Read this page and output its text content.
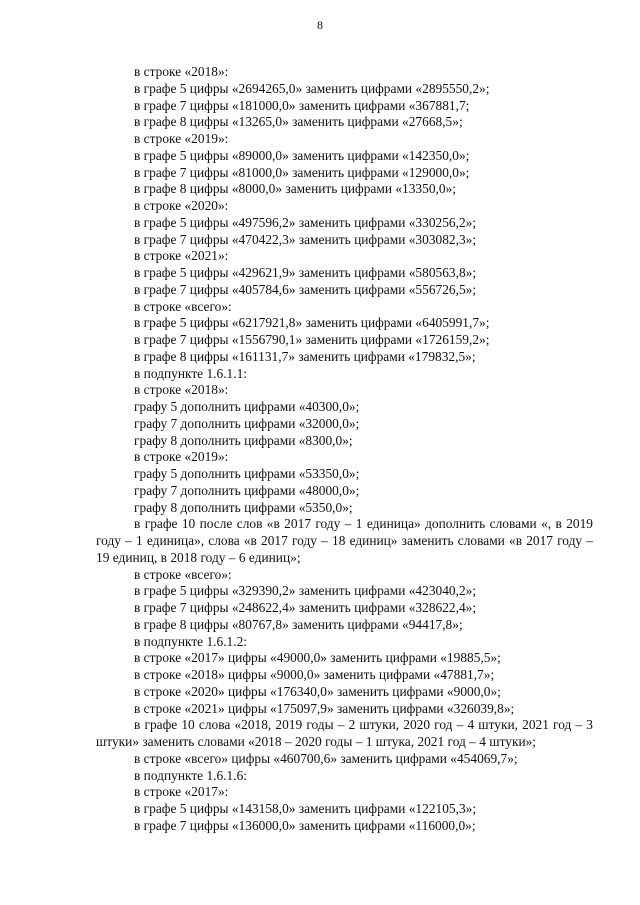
8

в строке «2018»:

в графе 5 цифры «2694265,0» заменить цифрами «2895550,2»;

в графе 7 цифры «181000,0» заменить цифрами «367881,7;

в графе 8 цифры «13265,0» заменить цифрами «27668,5»;

в строке «2019»:

в графе 5 цифры «89000,0» заменить цифрами «142350,0»;

в графе 7 цифры «81000,0» заменить цифрами «129000,0»;

в графе 8 цифры «8000,0» заменить цифрами «13350,0»;

в строке «2020»:

в графе 5 цифры «497596,2» заменить цифрами «330256,2»;

в графе 7 цифры «470422,3» заменить цифрами «303082,3»;

в строке «2021»:

в графе 5 цифры «429621,9» заменить цифрами «580563,8»;

в графе 7 цифры «405784,6» заменить цифрами «556726,5»;

в строке «всего»:

в графе 5 цифры «6217921,8» заменить цифрами «6405991,7»;

в графе 7 цифры «1556790,1» заменить цифрами «1726159,2»;

в графе 8 цифры «161131,7» заменить цифрами «179832,5»;

в подпункте 1.6.1.1:

в строке «2018»:

графу 5 дополнить цифрами «40300,0»;

графу 7 дополнить цифрами «32000,0»;

графу 8 дополнить цифрами «8300,0»;

в строке «2019»:

графу 5 дополнить цифрами «53350,0»;

графу 7 дополнить цифрами «48000,0»;

графу 8 дополнить цифрами «5350,0»;

в графе 10 после слов «в 2017 году – 1 единица» дополнить словами «, в 2019 году – 1 единица», слова «в 2017 году – 18 единиц» заменить словами «в 2017 году – 19 единиц, в 2018 году – 6 единиц»;

в строке «всего»:

в графе 5 цифры «329390,2» заменить цифрами «423040,2»;

в графе 7 цифры «248622,4» заменить цифрами «328622,4»;

в графе 8 цифры «80767,8» заменить цифрами «94417,8»;

в подпункте 1.6.1.2:

в строке «2017» цифры «49000,0» заменить цифрами «19885,5»;

в строке «2018» цифры «9000,0» заменить цифрами «47881,7»;

в строке «2020» цифры «176340,0» заменить цифрами «9000,0»;

в строке «2021» цифры «175097,9» заменить цифрами «326039,8»;

в графе 10 слова «2018, 2019 годы – 2 штуки, 2020 год – 4 штуки, 2021 год – 3 штуки» заменить словами «2018 – 2020 годы – 1 штука, 2021 год – 4 штуки»;

в строке «всего» цифры «460700,6» заменить цифрами «454069,7»;

в подпункте 1.6.1.6:

в строке «2017»:

в графе 5 цифры «143158,0» заменить цифрами «122105,3»;

в графе 7 цифры «136000,0» заменить цифрами «116000,0»;
